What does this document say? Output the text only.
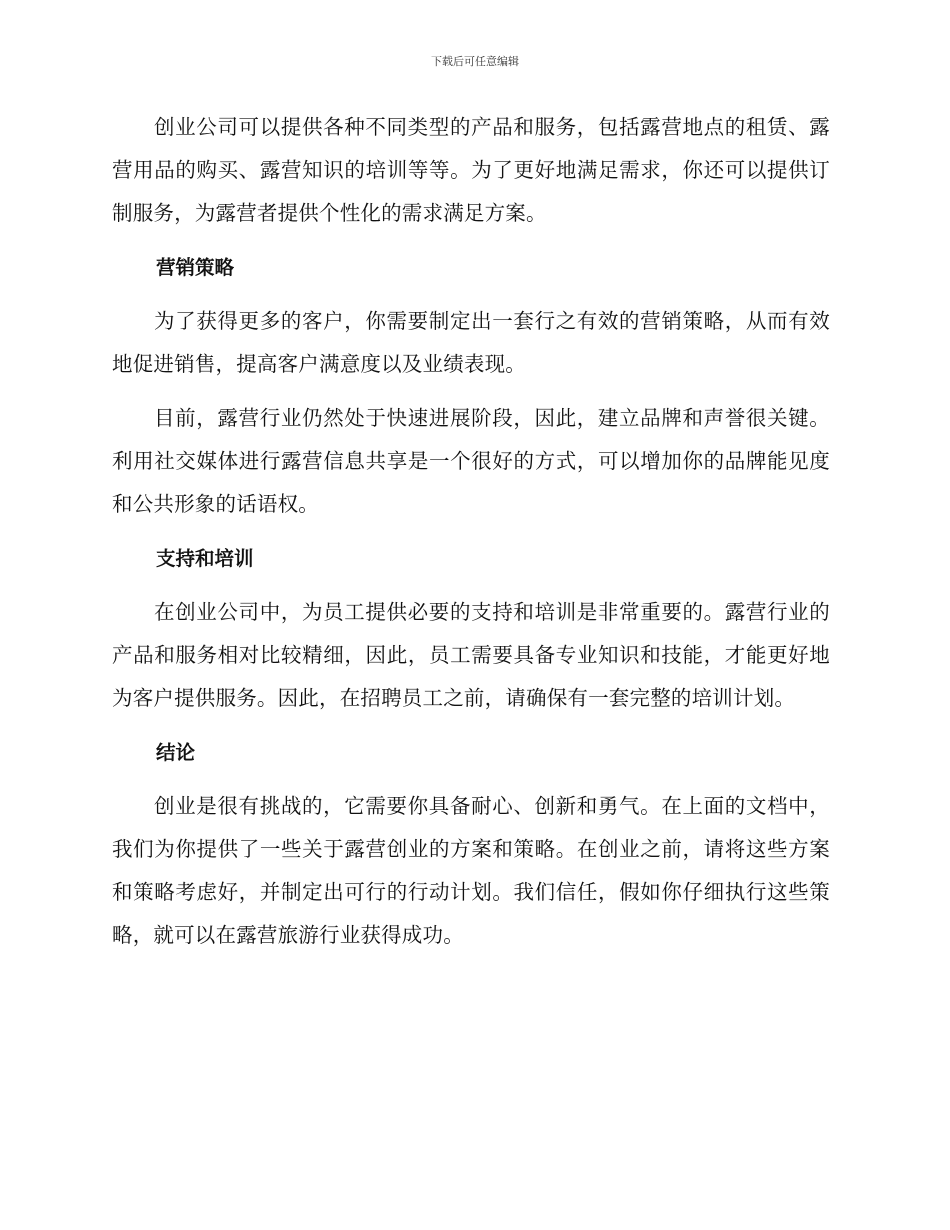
下载后可任意编辑

创业公司可以提供各种不同类型的产品和服务，包括露营地点的租赁、露营用品的购买、露营知识的培训等等。为了更好地满足需求，你还可以提供订制服务，为露营者提供个性化的需求满足方案。

营销策略

为了获得更多的客户，你需要制定出一套行之有效的营销策略，从而有效地促进销售，提高客户满意度以及业绩表现。

目前，露营行业仍然处于快速进展阶段，因此，建立品牌和声誉很关键。利用社交媒体进行露营信息共享是一个很好的方式，可以增加你的品牌能见度和公共形象的话语权。

支持和培训

在创业公司中，为员工提供必要的支持和培训是非常重要的。露营行业的产品和服务相对比较精细，因此，员工需要具备专业知识和技能，才能更好地为客户提供服务。因此，在招聘员工之前，请确保有一套完整的培训计划。

结论

创业是很有挑战的，它需要你具备耐心、创新和勇气。在上面的文档中，我们为你提供了一些关于露营创业的方案和策略。在创业之前，请将这些方案和策略考虑好，并制定出可行的行动计划。我们信任，假如你仔细执行这些策略，就可以在露营旅游行业获得成功。
